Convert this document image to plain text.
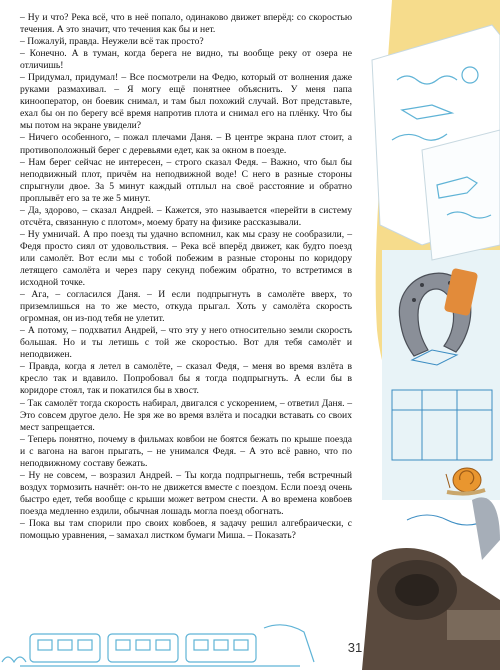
– Ну и что? Река всё, что в неё попало, одинаково движет вперёд: со скоростью течения. А это значит, что течения как бы и нет.

– Пожалуй, правда. Неужели всё так просто?

– Конечно. А в туман, когда берега не видно, ты вообще реку от озера не отличишь!

– Придумал, придумал! – Все посмотрели на Федю, который от волнения даже руками размахивал. – Я могу ещё понятнее объяснить. У меня папа кинооператор, он боевик снимал, и там был похожий случай. Вот представьте, ехал бы он по берегу всё время напротив плота и снимал его на плёнку. Что бы мы потом на экране увидели?

– Ничего особенного, – пожал плечами Даня. – В центре экрана плот стоит, а противоположный берег с деревьями едет, как за окном в поезде.

– Нам берег сейчас не интересен, – строго сказал Федя. – Важно, что был бы неподвижный плот, причём на неподвижной воде! С него в разные стороны спрыгнули двое. За 5 минут каждый отплыл на своё расстояние и обратно проплывёт его за те же 5 минут.

– Да, здорово, – сказал Андрей. – Кажется, это называется «перейти в систему отсчёта, связанную с плотом», моему брату на физике рассказывали.

– Ну умничай. А про поезд ты удачно вспомнил, как мы сразу не сообразили, – Федя просто сиял от удовольствия. – Река всё вперёд движет, как будто поезд или самолёт. Вот если мы с тобой побежим в разные стороны по коридору летящего самолёта и через пару секунд побежим обратно, то встретимся в исходной точке.

– Ага, – согласился Даня. – И если подпрыгнуть в самолёте вверх, то приземлишься на то же место, откуда прыгал. Хоть у самолёта скорость огромная, он из-под тебя не улетит.

– А потому, – подхватил Андрей, – что эту у него относительно земли скорость большая. Но и ты летишь с той же скоростью. Вот для тебя самолёт и неподвижен.

– Правда, когда я летел в самолёте, – сказал Федя, – меня во время взлёта в кресло так и вдавило. Попробовал бы я тогда подпрыгнуть. А если бы в коридоре стоял, так и покатился бы в хвост.

– Так самолёт тогда скорость набирал, двигался с ускорением, – ответил Даня. – Это совсем другое дело. Не зря же во время взлёта и посадки вставать со своих мест запрещается.

– Теперь понятно, почему в фильмах ковбои не боятся бежать по крыше поезда и с вагона на вагон прыгать, – не унимался Федя. – А это всё равно, что по неподвижному составу бежать.

– Ну не совсем, – возразил Андрей. – Ты когда подпрыгнешь, тебя встречный воздух тормозить начнёт: он-то не движется вместе с поездом. Если поезд очень быстро едет, тебя вообще с крыши может ветром снести. А во времена ковбоев поезда медленно ездили, обычная лошадь могла поезд обогнать.

– Пока вы там спорили про своих ковбоев, я задачу решил алгебраически, с помощью уравнения, – замахал листком бумаги Миша. – Показать?

31
